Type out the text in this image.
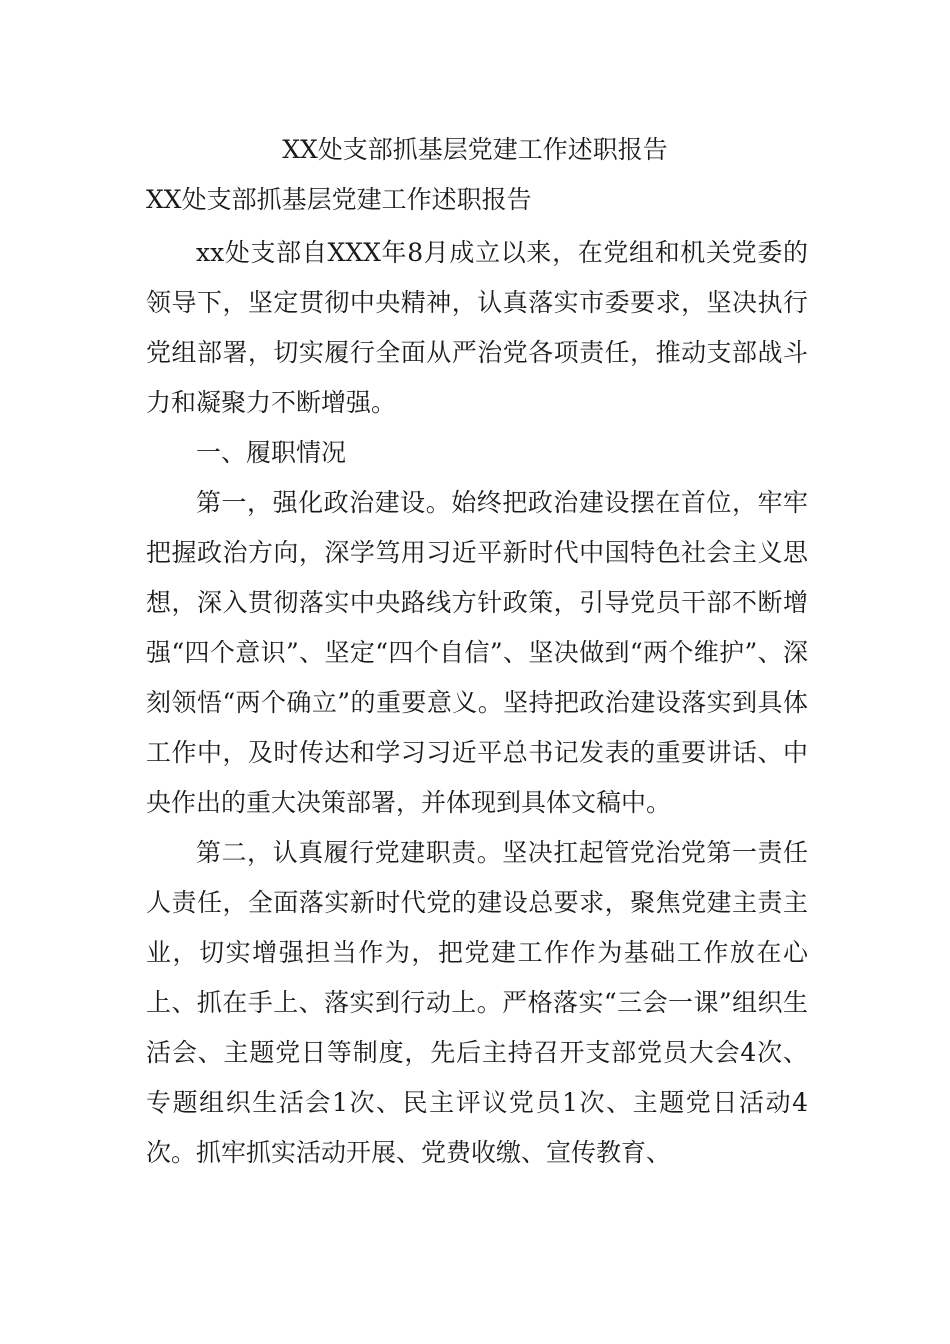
XX处支部抓基层党建工作述职报告
XX处支部抓基层党建工作述职报告

xx处支部自XXX年8月成立以来，在党组和机关党委的领导下，坚定贯彻中央精神，认真落实市委要求，坚决执行党组部署，切实履行全面从严治党各项责任，推动支部战斗力和凝聚力不断增强。

一、履职情况

第一，强化政治建设。始终把政治建设摆在首位，牢牢把握政治方向，深学笃用习近平新时代中国特色社会主义思想，深入贯彻落实中央路线方针政策，引导党员干部不断增强“四个意识”、坚定“四个自信”、坚决做到“两个维护”、深刻领悟“两个确立”的重要意义。坚持把政治建设落实到具体工作中，及时传达和学习习近平总书记发表的重要讲话、中央作出的重大决策部署，并体现到具体文稿中。

第二，认真履行党建职责。坚决扛起管党治党第一责任人责任，全面落实新时代党的建设总要求，聚焦党建主责主业，切实增强担当作为，把党建工作作为基础工作放在心上、抓在手上、落实到行动上。严格落实“三会一课”组织生活会、主题党日等制度，先后主持召开支部党员大会4次、专题组织生活会1次、民主评议党员1次、主题党日活动4次。抓牢抓实活动开展、党费收缴、宣传教育、
